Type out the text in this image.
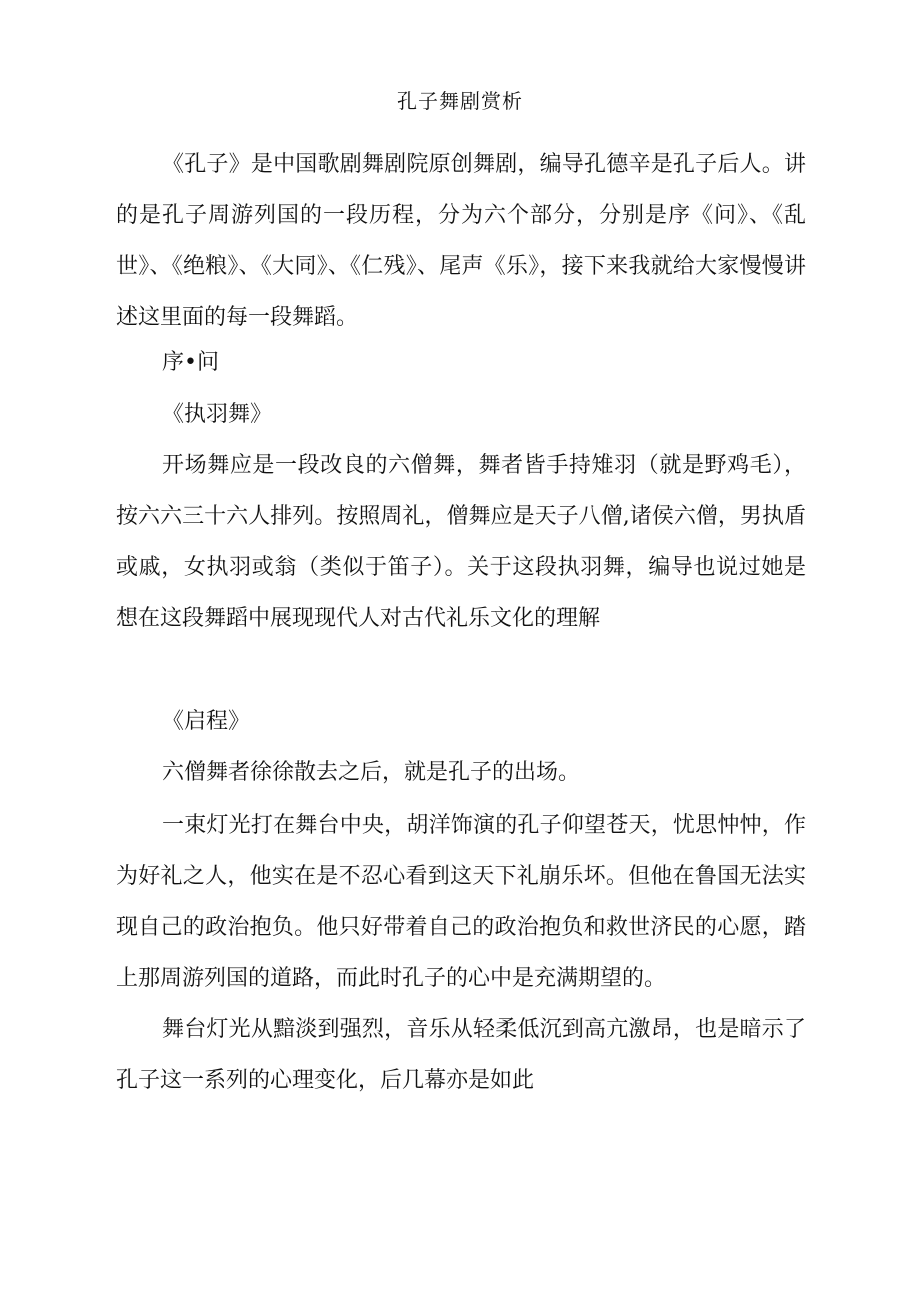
孔子舞剧赏析

《孔子》是中国歌剧舞剧院原创舞剧，编导孔德辛是孔子后人。讲的是孔子周游列国的一段历程，分为六个部分，分别是序《问》、《乱世》、《绝粮》、《大同》、《仁残》、尾声《乐》，接下来我就给大家慢慢讲述这里面的每一段舞蹈。

序•问

《执羽舞》

开场舞应是一段改良的六僧舞，舞者皆手持雉羽（就是野鸡毛），按六六三十六人排列。按照周礼，僧舞应是天子八僧,诸侯六僧，男执盾或戚，女执羽或翁（类似于笛子）。关于这段执羽舞，编导也说过她是想在这段舞蹈中展现现代人对古代礼乐文化的理解

《启程》

六僧舞者徐徐散去之后，就是孔子的出场。

一束灯光打在舞台中央，胡洋饰演的孔子仰望苍天，忧思忡忡，作为好礼之人，他实在是不忍心看到这天下礼崩乐坏。但他在鲁国无法实现自己的政治抱负。他只好带着自己的政治抱负和救世济民的心愿，踏上那周游列国的道路，而此时孔子的心中是充满期望的。

舞台灯光从黯淡到强烈，音乐从轻柔低沉到高亢激昂，也是暗示了孔子这一系列的心理变化，后几幕亦是如此
